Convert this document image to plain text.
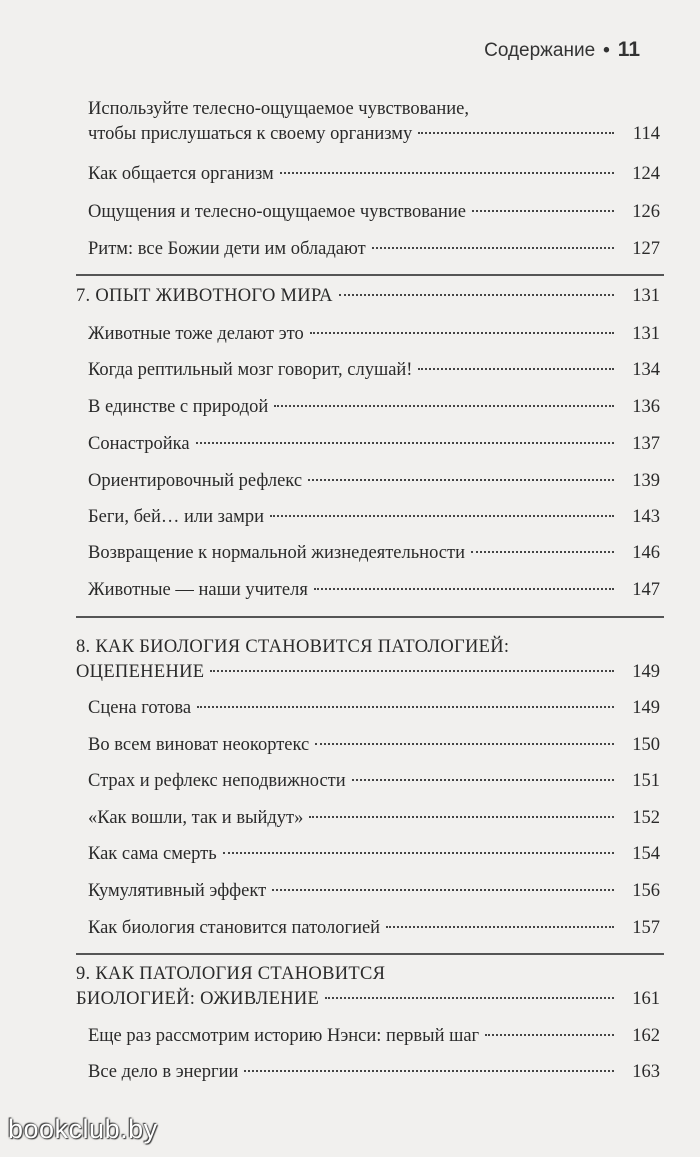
Содержание • 11
Используйте телесно-ощущаемое чувствование,
чтобы прислушаться к своему организму	114
Как общается организм	124
Ощущения и телесно-ощущаемое чувствование	126
Ритм: все Божии дети им обладают	127
7. ОПЫТ ЖИВОТНОГО МИРА	131
Животные тоже делают это	131
Когда рептильный мозг говорит, слушай!	134
В единстве с природой	136
Сонастройка	137
Ориентировочный рефлекс	139
Беги, бей… или замри	143
Возвращение к нормальной жизнедеятельности	146
Животные — наши учителя	147
8. КАК БИОЛОГИЯ СТАНОВИТСЯ ПАТОЛОГИЕЙ:
ОЦЕПЕНЕНИЕ	149
Сцена готова	149
Во всем виноват неокортекс	150
Страх и рефлекс неподвижности	151
«Как вошли, так и выйдут»	152
Как сама смерть	154
Кумулятивный эффект	156
Как биология становится патологией	157
9. КАК ПАТОЛОГИЯ СТАНОВИТСЯ
БИОЛОГИЕЙ: ОЖИВЛЕНИЕ	161
Еще раз рассмотрим историю Нэнси: первый шаг	162
Все дело в энергии	163
bookclub.by
